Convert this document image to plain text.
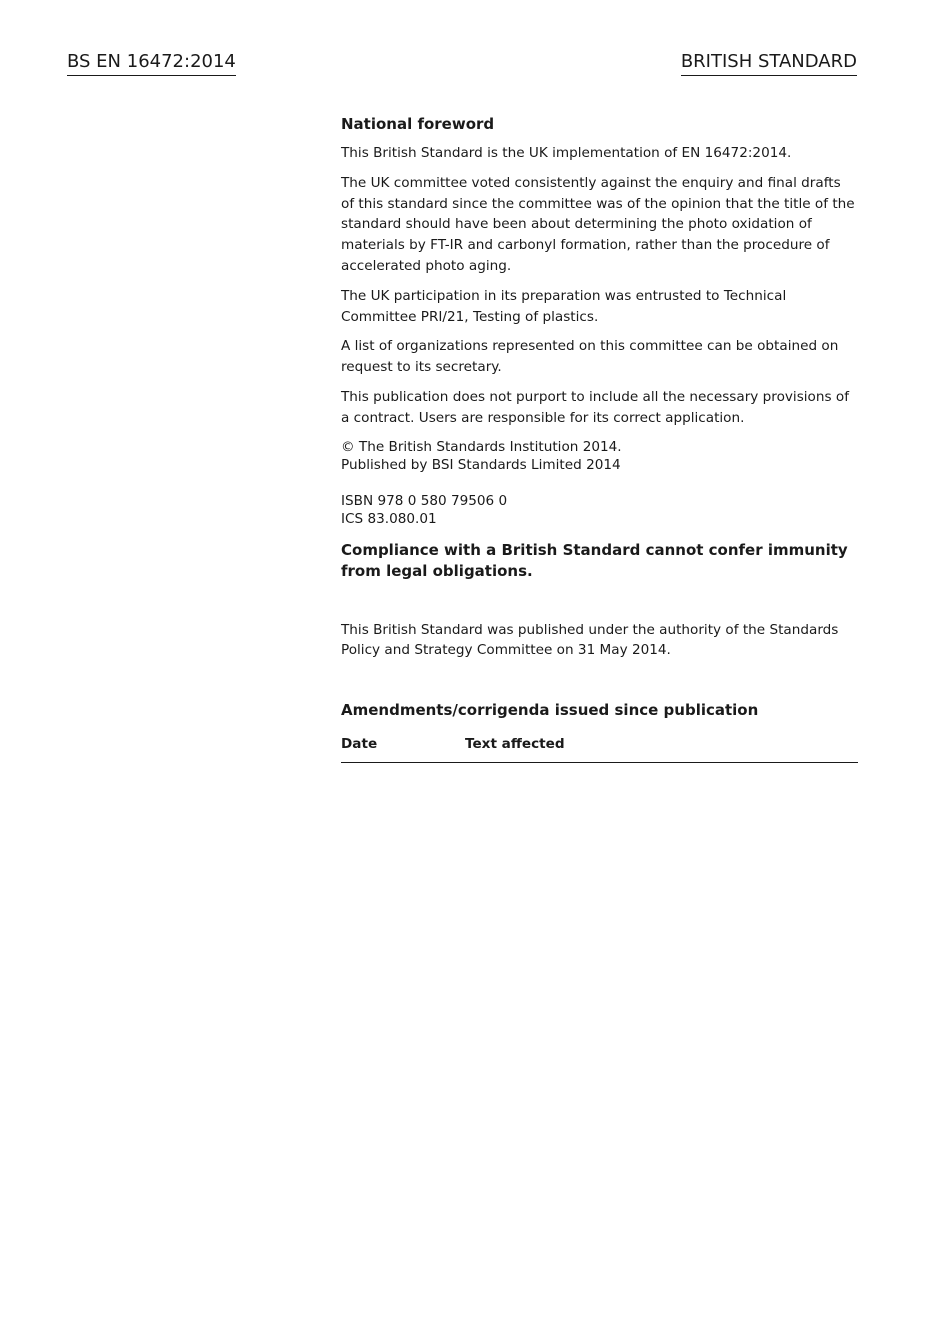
BS EN 16472:2014	BRITISH STANDARD
National foreword

This British Standard is the UK implementation of EN 16472:2014.

The UK committee voted consistently against the enquiry and final drafts of this standard since the committee was of the opinion that the title of the standard should have been about determining the photo oxidation of materials by FT-IR and carbonyl formation, rather than the procedure of accelerated photo aging.

The UK participation in its preparation was entrusted to Technical Committee PRI/21, Testing of plastics.

A list of organizations represented on this committee can be obtained on request to its secretary.

This publication does not purport to include all the necessary provisions of a contract. Users are responsible for its correct application.

© The British Standards Institution 2014.

Published by BSI Standards Limited 2014

ISBN 978 0 580 79506 0

ICS 83.080.01

Compliance with a British Standard cannot confer immunity from legal obligations.

This British Standard was published under the authority of the Standards Policy and Strategy Committee on 31 May 2014.

Amendments/corrigenda issued since publication
Date	Text affected
